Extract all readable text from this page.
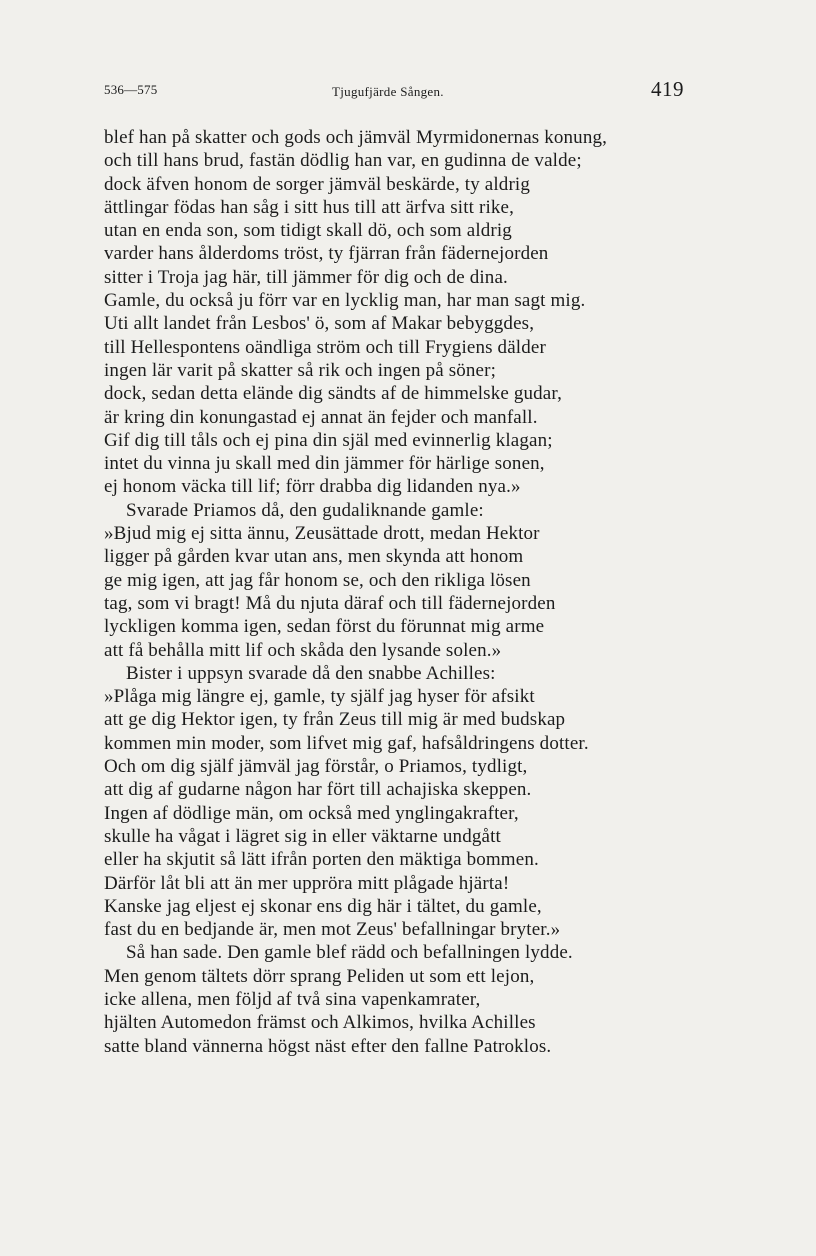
536—575	Tjugufjärde Sången.	419
blef han på skatter och gods och jämväl Myrmidonernas konung,
och till hans brud, fastän dödlig han var, en gudinna de valde;
dock äfven honom de sorger jämväl beskärde, ty aldrig
ättlingar födas han såg i sitt hus till att ärfva sitt rike,
utan en enda son, som tidigt skall dö, och som aldrig
varder hans ålderdoms tröst, ty fjärran från fädernejorden
sitter i Troja jag här, till jämmer för dig och de dina.
Gamle, du också ju förr var en lycklig man, har man sagt mig.
Uti allt landet från Lesbos' ö, som af Makar bebyggdes,
till Hellespontens oändliga ström och till Frygiens dälder
ingen lär varit på skatter så rik och ingen på söner;
dock, sedan detta elände dig sändts af de himmelske gudar,
är kring din konungastad ej annat än fejder och manfall.
Gif dig till tåls och ej pina din själ med evinnerlig klagan;
intet du vinna ju skall med din jämmer för härlige sonen,
ej honom väcka till lif; förr drabba dig lidanden nya.»
Svarade Priamos då, den gudaliknande gamle:
»Bjud mig ej sitta ännu, Zeusättade drott, medan Hektor
ligger på gården kvar utan ans, men skynda att honom
ge mig igen, att jag får honom se, och den rikliga lösen
tag, som vi bragt! Må du njuta däraf och till fädernejorden
lyckligen komma igen, sedan först du förunnat mig arme
att få behålla mitt lif och skåda den lysande solen.»
Bister i uppsyn svarade då den snabbe Achilles:
»Plåga mig längre ej, gamle, ty själf jag hyser för afsikt
att ge dig Hektor igen, ty från Zeus till mig är med budskap
kommen min moder, som lifvet mig gaf, hafsåldringens dotter.
Och om dig själf jämväl jag förstår, o Priamos, tydligt,
att dig af gudarne någon har fört till achajiska skeppen.
Ingen af dödlige män, om också med ynglingakrafter,
skulle ha vågat i lägret sig in eller väktarne undgått
eller ha skjutit så lätt ifrån porten den mäktiga bommen.
Därför låt bli att än mer uppröra mitt plågade hjärta!
Kanske jag eljest ej skonar ens dig här i tältet, du gamle,
fast du en bedjande är, men mot Zeus' befallningar bryter.»
Så han sade. Den gamle blef rädd och befallningen lydde.
Men genom tältets dörr sprang Peliden ut som ett lejon,
icke allena, men följd af två sina vapenkamrater,
hjälten Automedon främst och Alkimos, hvilka Achilles
satte bland vännerna högst näst efter den fallne Patroklos.
